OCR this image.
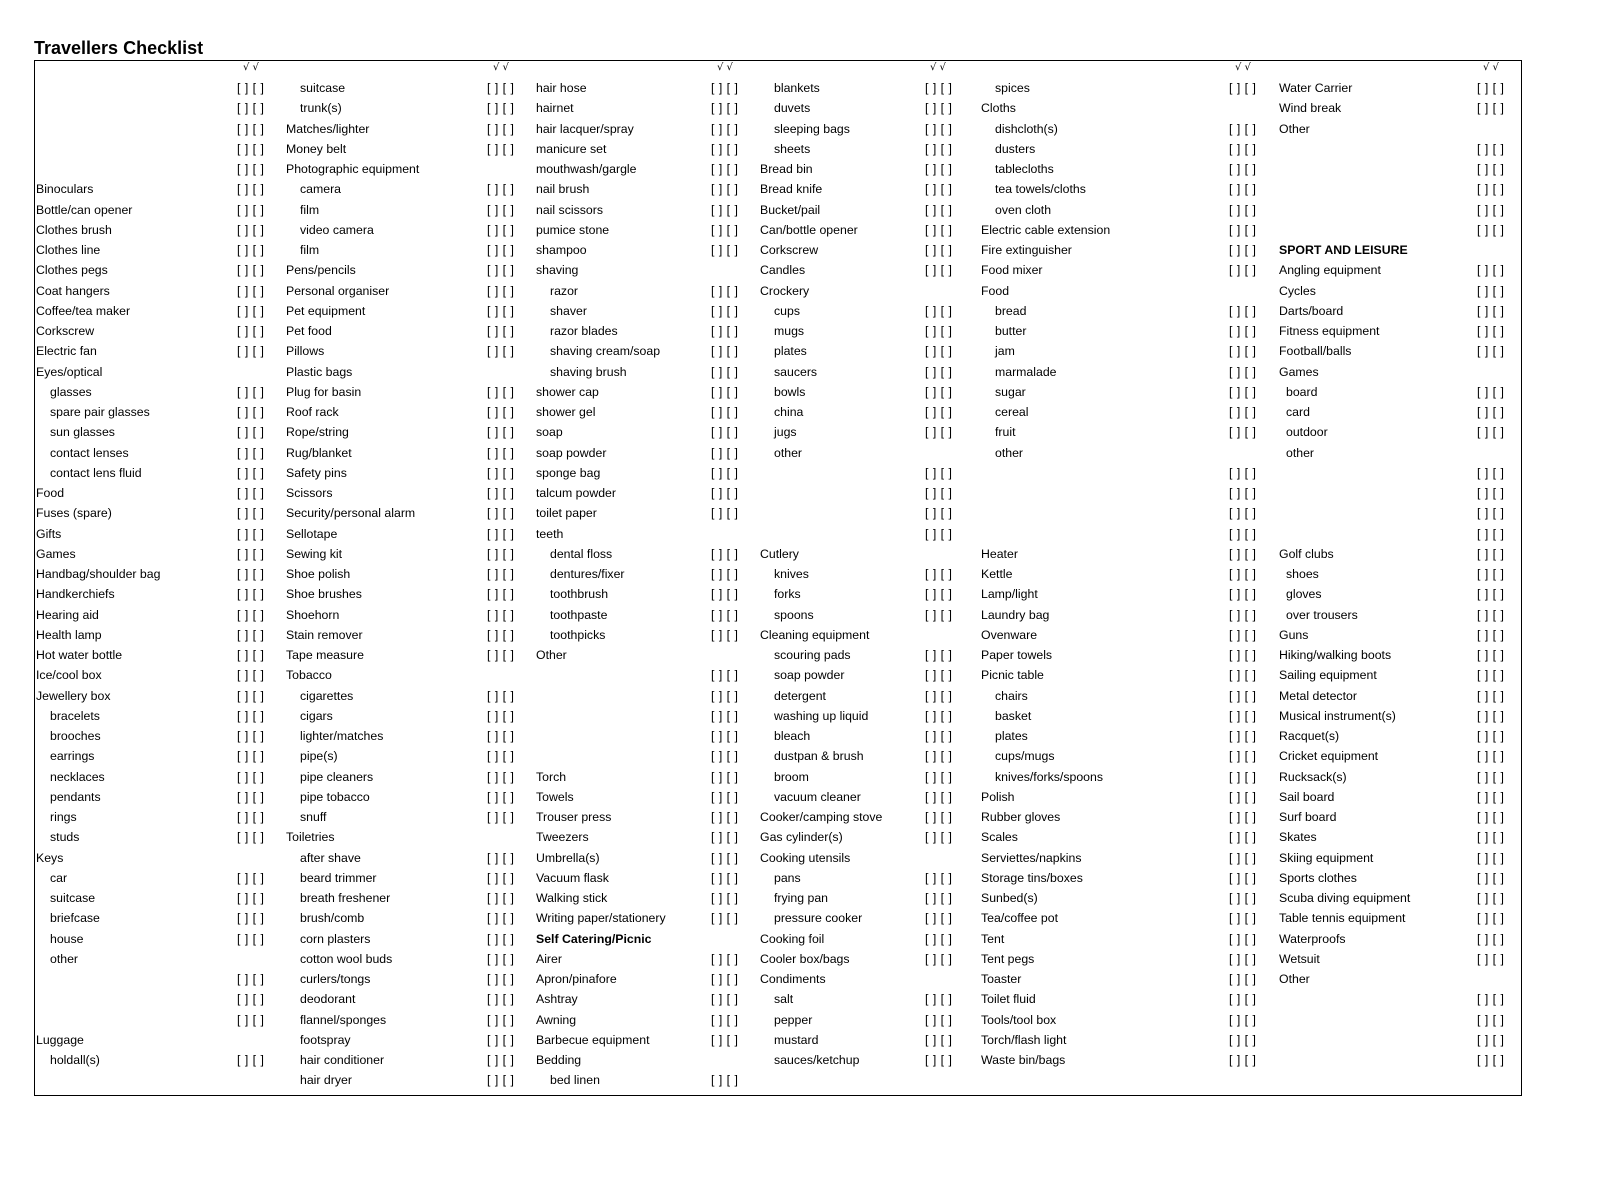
Travellers Checklist
√ √
[ ] [ ]
[ ] [ ]
[ ] [ ]
[ ] [ ]
[ ] [ ]
Binoculars	[ ] [ ]
Bottle/can opener	[ ] [ ]
Clothes brush	[ ] [ ]
Clothes line	[ ] [ ]
Clothes pegs	[ ] [ ]
Coat hangers	[ ] [ ]
Coffee/tea maker	[ ] [ ]
Corkscrew	[ ] [ ]
Electric fan	[ ] [ ]
Eyes/optical
glasses	[ ] [ ]
spare pair glasses	[ ] [ ]
sun glasses	[ ] [ ]
contact lenses	[ ] [ ]
contact lens fluid	[ ] [ ]
Food	[ ] [ ]
Fuses (spare)	[ ] [ ]
Gifts	[ ] [ ]
Games	[ ] [ ]
Handbag/shoulder bag	[ ] [ ]
Handkerchiefs	[ ] [ ]
Hearing aid	[ ] [ ]
Health lamp	[ ] [ ]
Hot water bottle	[ ] [ ]
Ice/cool box	[ ] [ ]
Jewellery box	[ ] [ ]
bracelets	[ ] [ ]
brooches	[ ] [ ]
earrings	[ ] [ ]
necklaces	[ ] [ ]
pendants	[ ] [ ]
rings	[ ] [ ]
studs	[ ] [ ]
Keys
car	[ ] [ ]
suitcase	[ ] [ ]
briefcase	[ ] [ ]
house	[ ] [ ]
other
[ ] [ ]
[ ] [ ]
[ ] [ ]
Luggage
holdall(s)	[ ] [ ]
√ √
suitcase	[ ] [ ]
trunk(s)	[ ] [ ]
Matches/lighter	[ ] [ ]
Money belt	[ ] [ ]
Photographic equipment
camera	[ ] [ ]
film	[ ] [ ]
video camera	[ ] [ ]
film	[ ] [ ]
Pens/pencils	[ ] [ ]
Personal organiser	[ ] [ ]
Pet equipment	[ ] [ ]
Pet food	[ ] [ ]
Pillows	[ ] [ ]
Plastic bags
Plug for basin	[ ] [ ]
Roof rack	[ ] [ ]
Rope/string	[ ] [ ]
Rug/blanket	[ ] [ ]
Safety pins	[ ] [ ]
Scissors	[ ] [ ]
Security/personal alarm	[ ] [ ]
Sellotape	[ ] [ ]
Sewing kit	[ ] [ ]
Shoe polish	[ ] [ ]
Shoe brushes	[ ] [ ]
Shoehorn	[ ] [ ]
Stain remover	[ ] [ ]
Tape measure	[ ] [ ]
Tobacco
cigarettes	[ ] [ ]
cigars	[ ] [ ]
lighter/matches	[ ] [ ]
pipe(s)	[ ] [ ]
pipe cleaners	[ ] [ ]
pipe tobacco	[ ] [ ]
snuff	[ ] [ ]
Toiletries
after shave	[ ] [ ]
beard trimmer	[ ] [ ]
breath freshener	[ ] [ ]
brush/comb	[ ] [ ]
corn plasters	[ ] [ ]
cotton wool buds	[ ] [ ]
curlers/tongs	[ ] [ ]
deodorant	[ ] [ ]
flannel/sponges	[ ] [ ]
footspray	[ ] [ ]
hair conditioner	[ ] [ ]
hair dryer	[ ] [ ]
√ √
hair hose	[ ] [ ]
hairnet	[ ] [ ]
hair lacquer/spray	[ ] [ ]
manicure set	[ ] [ ]
mouthwash/gargle	[ ] [ ]
nail brush	[ ] [ ]
nail scissors	[ ] [ ]
pumice stone	[ ] [ ]
shampoo	[ ] [ ]
shaving
razor	[ ] [ ]
shaver	[ ] [ ]
razor blades	[ ] [ ]
shaving cream/soap	[ ] [ ]
shaving brush	[ ] [ ]
shower cap	[ ] [ ]
shower gel	[ ] [ ]
soap	[ ] [ ]
soap powder	[ ] [ ]
sponge bag	[ ] [ ]
talcum powder	[ ] [ ]
toilet paper	[ ] [ ]
teeth
dental floss	[ ] [ ]
dentures/fixer	[ ] [ ]
toothbrush	[ ] [ ]
toothpaste	[ ] [ ]
toothpicks	[ ] [ ]
Other
[ ] [ ]
[ ] [ ]
[ ] [ ]
[ ] [ ]
[ ] [ ]
Torch	[ ] [ ]
Towels	[ ] [ ]
Trouser press	[ ] [ ]
Tweezers	[ ] [ ]
Umbrella(s)	[ ] [ ]
Vacuum flask	[ ] [ ]
Walking stick	[ ] [ ]
Writing paper/stationery	[ ] [ ]
Self Catering/Picnic
Airer	[ ] [ ]
Apron/pinafore	[ ] [ ]
Ashtray	[ ] [ ]
Awning	[ ] [ ]
Barbecue equipment	[ ] [ ]
Bedding
bed linen	[ ] [ ]
√ √
blankets	[ ] [ ]
duvets	[ ] [ ]
sleeping bags	[ ] [ ]
sheets	[ ] [ ]
Bread bin	[ ] [ ]
Bread knife	[ ] [ ]
Bucket/pail	[ ] [ ]
Can/bottle opener	[ ] [ ]
Corkscrew	[ ] [ ]
Candles	[ ] [ ]
Crockery
cups	[ ] [ ]
mugs	[ ] [ ]
plates	[ ] [ ]
saucers	[ ] [ ]
bowls	[ ] [ ]
china	[ ] [ ]
jugs	[ ] [ ]
other
[ ] [ ]
[ ] [ ]
[ ] [ ]
[ ] [ ]
Cutlery
knives	[ ] [ ]
forks	[ ] [ ]
spoons	[ ] [ ]
Cleaning equipment
scouring pads	[ ] [ ]
soap powder	[ ] [ ]
detergent	[ ] [ ]
washing up liquid	[ ] [ ]
bleach	[ ] [ ]
dustpan & brush	[ ] [ ]
broom	[ ] [ ]
vacuum cleaner	[ ] [ ]
Cooker/camping stove	[ ] [ ]
Gas cylinder(s)	[ ] [ ]
Cooking utensils
pans	[ ] [ ]
frying pan	[ ] [ ]
pressure cooker	[ ] [ ]
Cooking foil	[ ] [ ]
Cooler box/bags	[ ] [ ]
Condiments
salt	[ ] [ ]
pepper	[ ] [ ]
mustard	[ ] [ ]
sauces/ketchup	[ ] [ ]
√ √
spices	[ ] [ ]
Cloths
dishcloth(s)	[ ] [ ]
dusters	[ ] [ ]
tablecloths	[ ] [ ]
tea towels/cloths	[ ] [ ]
oven cloth	[ ] [ ]
Electric cable extension	[ ] [ ]
Fire extinguisher	[ ] [ ]
Food mixer	[ ] [ ]
Food
bread	[ ] [ ]
butter	[ ] [ ]
jam	[ ] [ ]
marmalade	[ ] [ ]
sugar	[ ] [ ]
cereal	[ ] [ ]
fruit	[ ] [ ]
other
[ ] [ ]
[ ] [ ]
[ ] [ ]
[ ] [ ]
Heater	[ ] [ ]
Kettle	[ ] [ ]
Lamp/light	[ ] [ ]
Laundry bag	[ ] [ ]
Ovenware	[ ] [ ]
Paper towels	[ ] [ ]
Picnic table	[ ] [ ]
chairs	[ ] [ ]
basket	[ ] [ ]
plates	[ ] [ ]
cups/mugs	[ ] [ ]
knives/forks/spoons	[ ] [ ]
Polish	[ ] [ ]
Rubber gloves	[ ] [ ]
Scales	[ ] [ ]
Serviettes/napkins	[ ] [ ]
Storage tins/boxes	[ ] [ ]
Sunbed(s)	[ ] [ ]
Tea/coffee pot	[ ] [ ]
Tent	[ ] [ ]
Tent pegs	[ ] [ ]
Toaster	[ ] [ ]
Toilet fluid	[ ] [ ]
Tools/tool box	[ ] [ ]
Torch/flash light	[ ] [ ]
Waste bin/bags	[ ] [ ]
√ √
Water Carrier	[ ] [ ]
Wind break	[ ] [ ]
Other
[ ] [ ]
[ ] [ ]
[ ] [ ]
[ ] [ ]
[ ] [ ]
SPORT AND LEISURE
Angling equipment	[ ] [ ]
Cycles	[ ] [ ]
Darts/board	[ ] [ ]
Fitness equipment	[ ] [ ]
Football/balls	[ ] [ ]
Games
board	[ ] [ ]
card	[ ] [ ]
outdoor	[ ] [ ]
other
[ ] [ ]
[ ] [ ]
[ ] [ ]
[ ] [ ]
Golf clubs	[ ] [ ]
shoes	[ ] [ ]
gloves	[ ] [ ]
over trousers	[ ] [ ]
Guns	[ ] [ ]
Hiking/walking boots	[ ] [ ]
Sailing equipment	[ ] [ ]
Metal detector	[ ] [ ]
Musical instrument(s)	[ ] [ ]
Racquet(s)	[ ] [ ]
Cricket equipment	[ ] [ ]
Rucksack(s)	[ ] [ ]
Sail board	[ ] [ ]
Surf board	[ ] [ ]
Skates	[ ] [ ]
Skiing equipment	[ ] [ ]
Sports clothes	[ ] [ ]
Scuba diving equipment	[ ] [ ]
Table tennis equipment	[ ] [ ]
Waterproofs	[ ] [ ]
Wetsuit	[ ] [ ]
Other
[ ] [ ]
[ ] [ ]
[ ] [ ]
[ ] [ ]
